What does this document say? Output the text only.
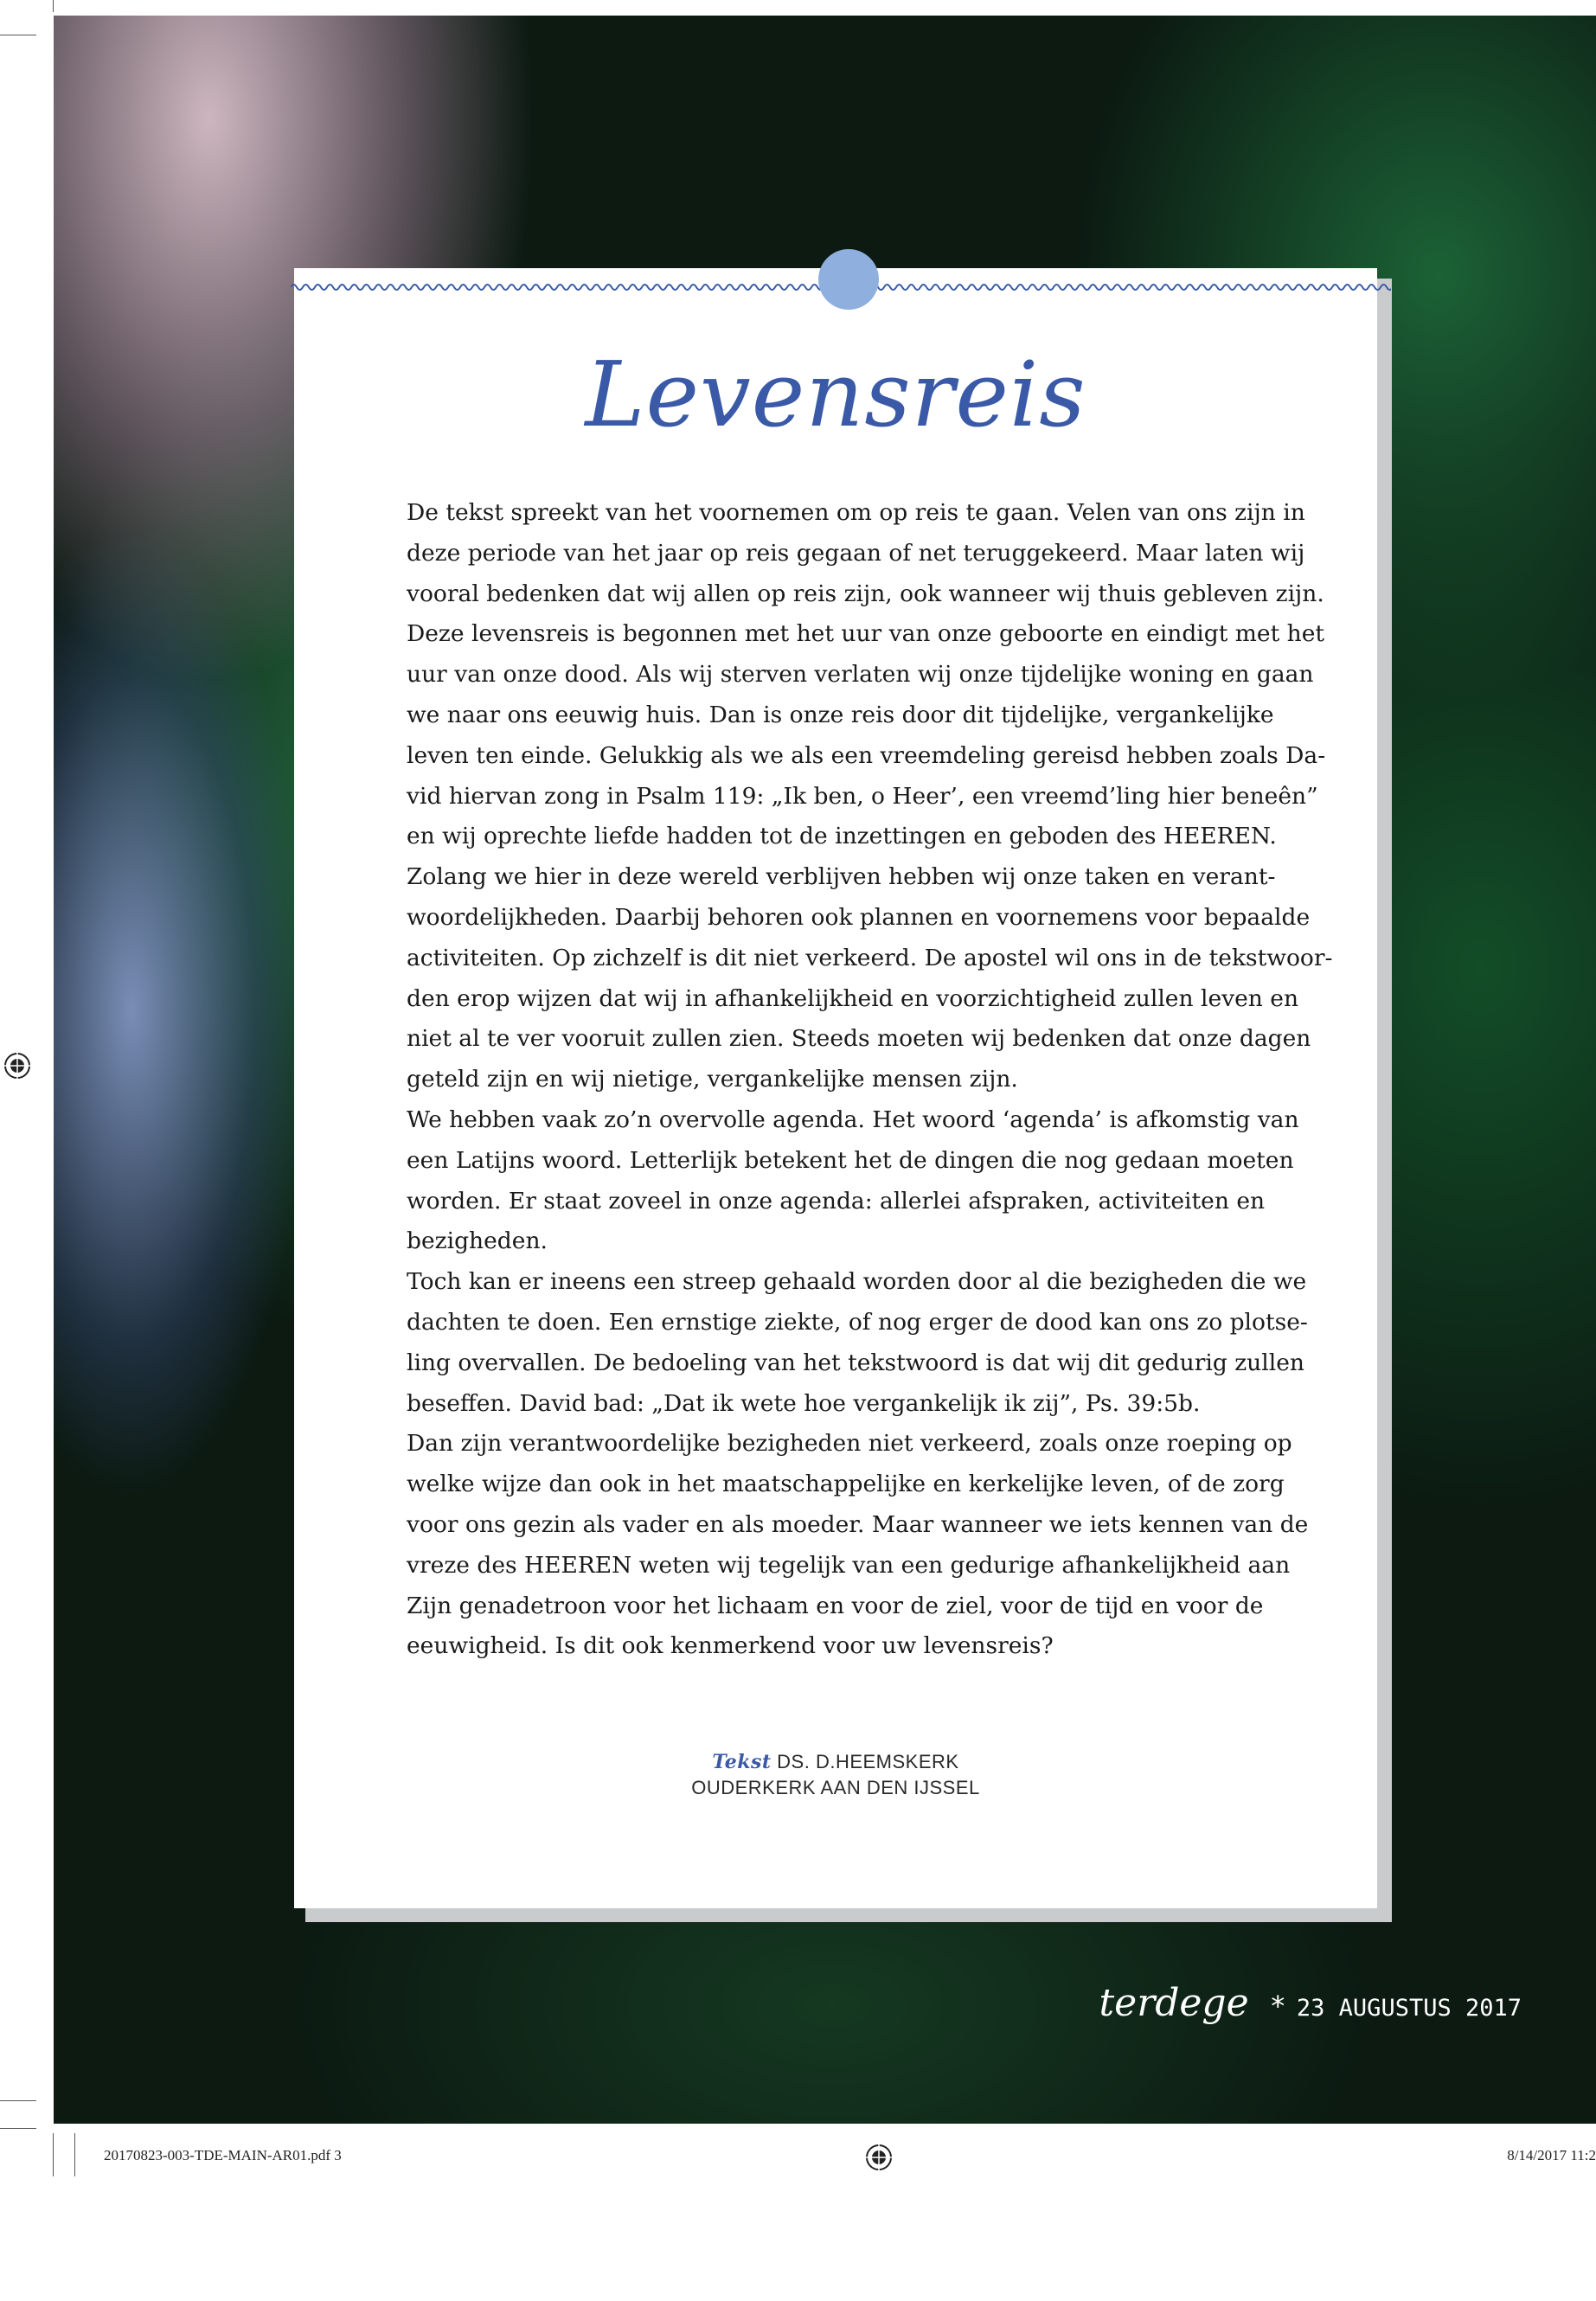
Levensreis

De tekst spreekt van het voornemen om op reis te gaan. Velen van ons zijn in

deze periode van het jaar op reis gegaan of net teruggekeerd. Maar laten wij

vooral bedenken dat wij allen op reis zijn, ook wanneer wij thuis gebleven zijn.

Deze levensreis is begonnen met het uur van onze geboorte en eindigt met het

uur van onze dood. Als wij sterven verlaten wij onze tijdelijke woning en gaan

we naar ons eeuwig huis. Dan is onze reis door dit tijdelijke, vergankelijke

leven ten einde. Gelukkig als we als een vreemdeling gereisd hebben zoals Da-

vid hiervan zong in Psalm 119: „Ik ben, o Heer’, een vreemd’ling hier beneên”

en wij oprechte liefde hadden tot de inzettingen en geboden des HEEREN.

Zolang we hier in deze wereld verblijven hebben wij onze taken en verant-

woordelijkheden. Daarbij behoren ook plannen en voornemens voor bepaalde

activiteiten. Op zichzelf is dit niet verkeerd. De apostel wil ons in de tekstwoor-

den erop wijzen dat wij in afhankelijkheid en voorzichtigheid zullen leven en

niet al te ver vooruit zullen zien. Steeds moeten wij bedenken dat onze dagen

geteld zijn en wij nietige, vergankelijke mensen zijn.

We hebben vaak zo’n overvolle agenda. Het woord ‘agenda’ is afkomstig van

een Latijns woord. Letterlijk betekent het de dingen die nog gedaan moeten

worden. Er staat zoveel in onze agenda: allerlei afspraken, activiteiten en

bezigheden.

Toch kan er ineens een streep gehaald worden door al die bezigheden die we

dachten te doen. Een ernstige ziekte, of nog erger de dood kan ons zo plotse-

ling overvallen. De bedoeling van het tekstwoord is dat wij dit gedurig zullen

beseffen. David bad: „Dat ik wete hoe vergankelijk ik zij”, Ps. 39:5b.

Dan zijn verantwoordelijke bezigheden niet verkeerd, zoals onze roeping op

welke wijze dan ook in het maatschappelijke en kerkelijke leven, of de zorg

voor ons gezin als vader en als moeder. Maar wanneer we iets kennen van de

vreze des HEEREN weten wij tegelijk van een gedurige afhankelijkheid aan

Zijn genadetroon voor het lichaam en voor de ziel, voor de tijd en voor de

eeuwigheid. Is dit ook kenmerkend voor uw levensreis?

Tekst DS. D.HEEMSKERK
OUDERKERK AAN DEN IJSSEL
terdege * 23 AUGUSTUS 2017
20170823-003-TDE-MAIN-AR01.pdf 3	8/14/2017 11:2
